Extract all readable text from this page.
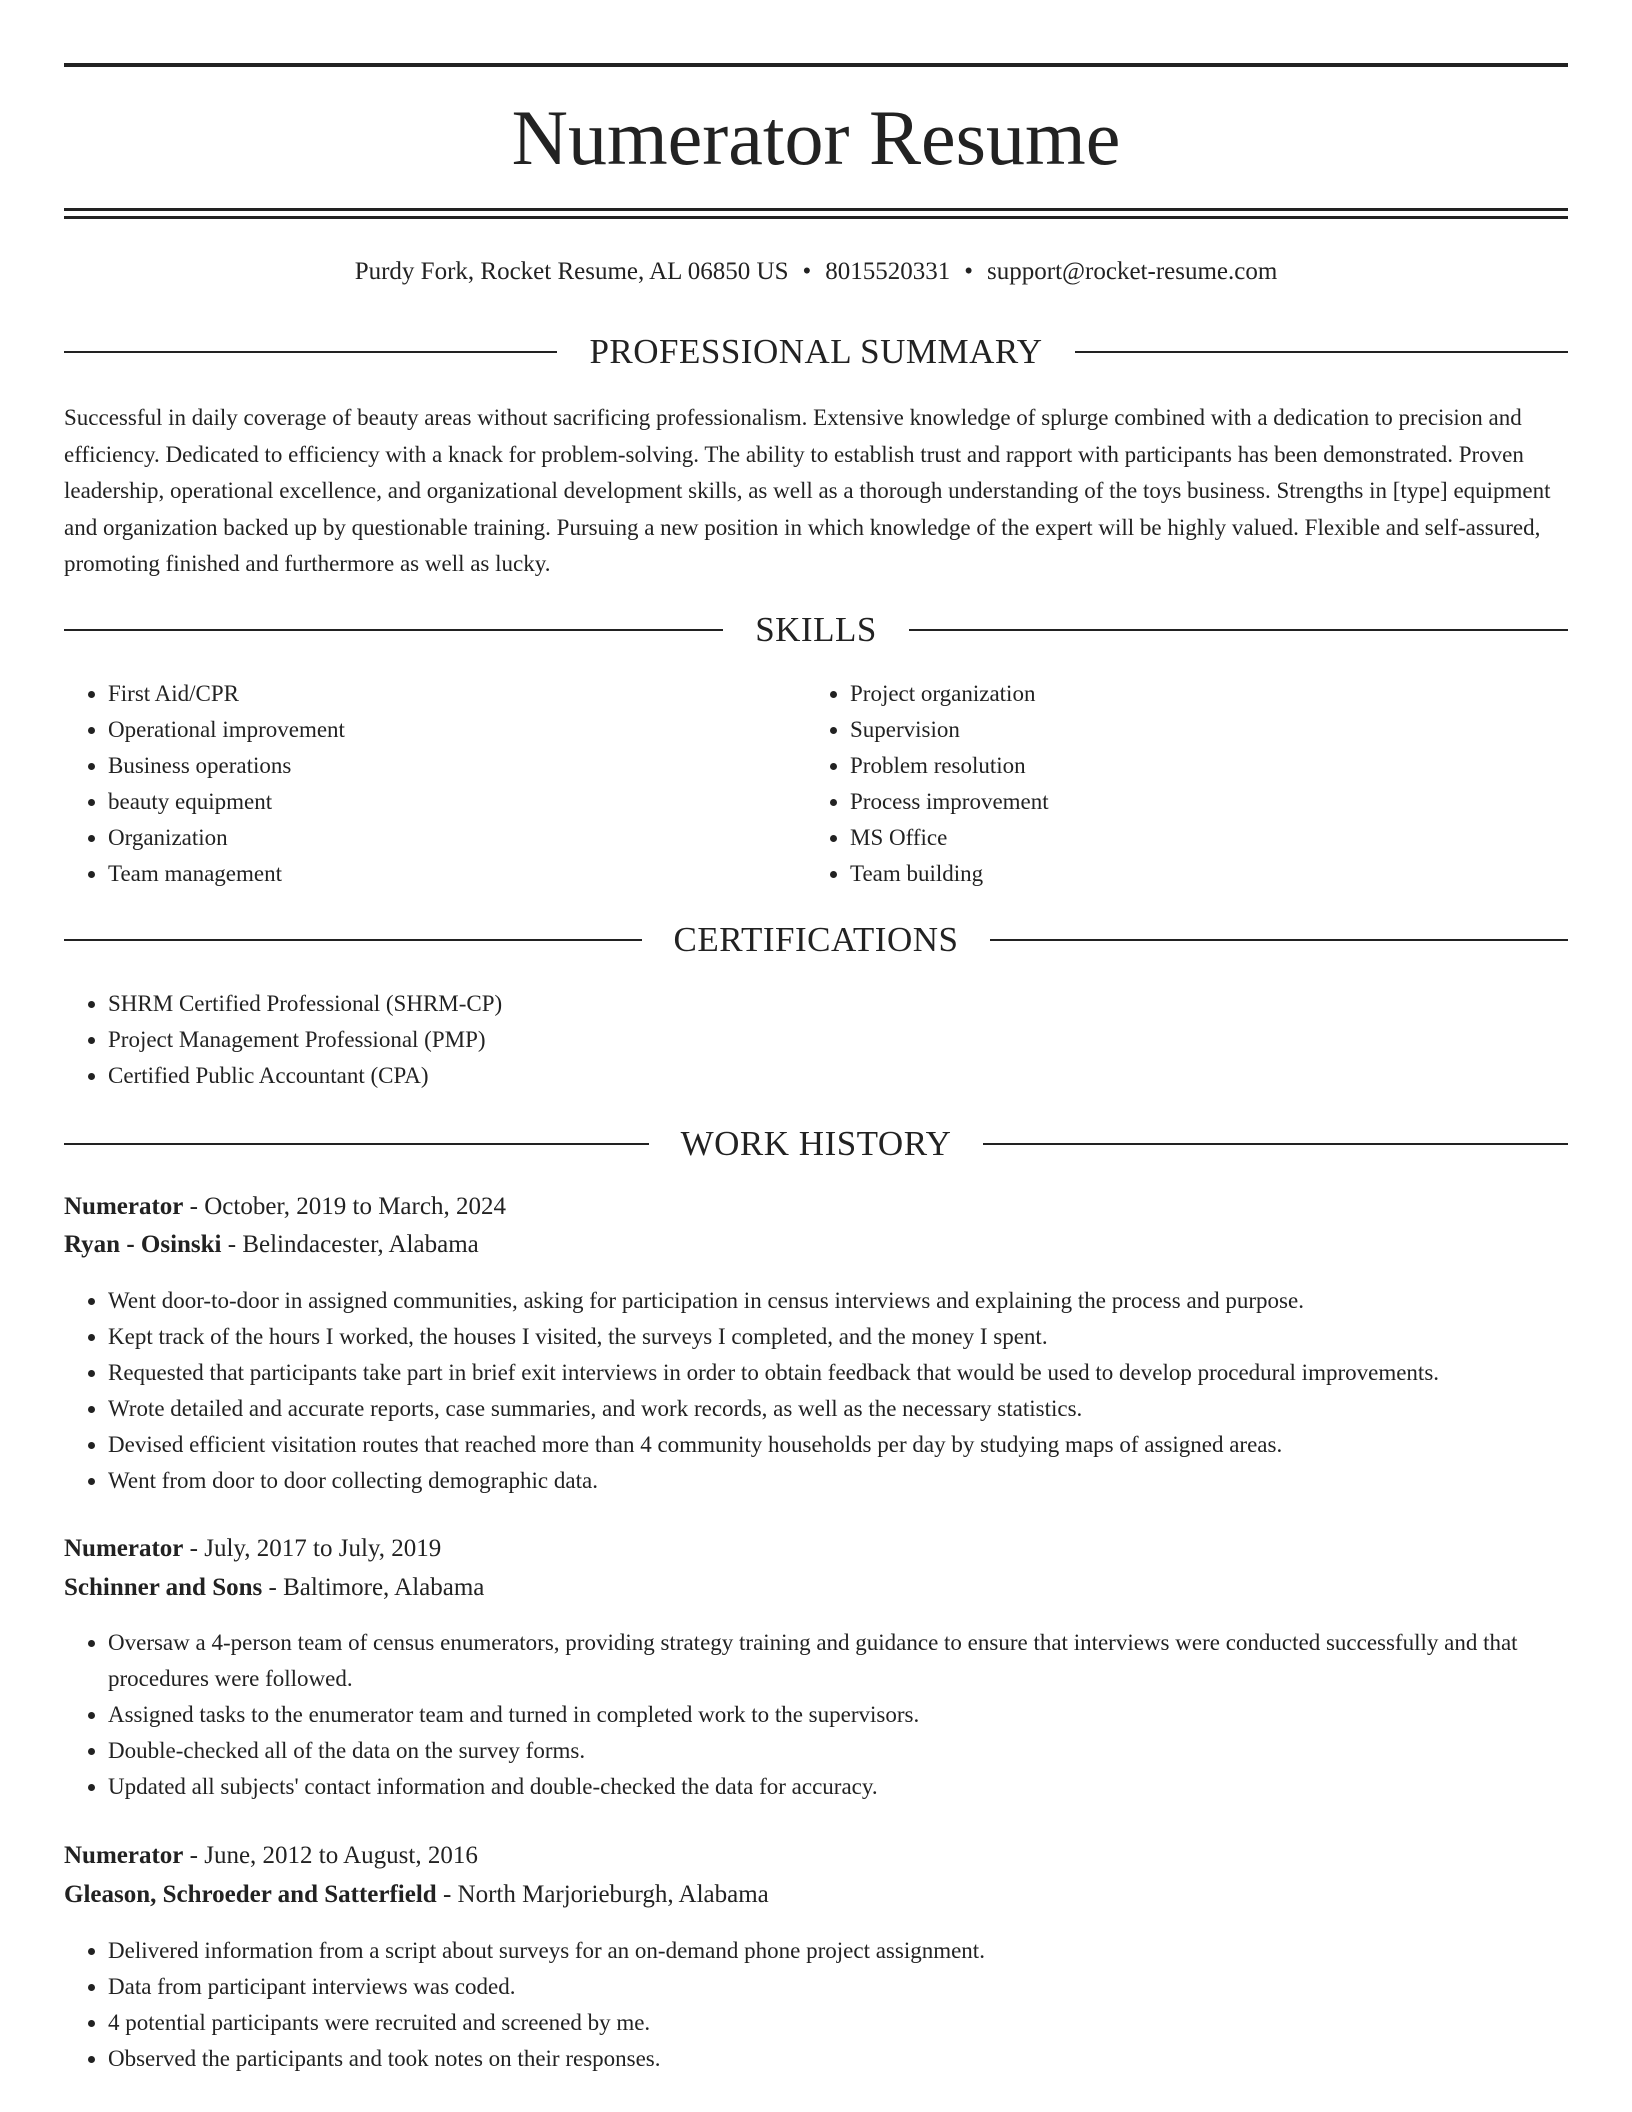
Numerator Resume
Purdy Fork, Rocket Resume, AL 06850 US • 8015520331 • support@rocket-resume.com
PROFESSIONAL SUMMARY

Successful in daily coverage of beauty areas without sacrificing professionalism. Extensive knowledge of splurge combined with a dedication to precision and efficiency. Dedicated to efficiency with a knack for problem-solving. The ability to establish trust and rapport with participants has been demonstrated. Proven leadership, operational excellence, and organizational development skills, as well as a thorough understanding of the toys business. Strengths in [type] equipment and organization backed up by questionable training. Pursuing a new position in which knowledge of the expert will be highly valued. Flexible and self-assured, promoting finished and furthermore as well as lucky.

SKILLS
• First Aid/CPR
• Operational improvement
• Business operations
• beauty equipment
• Organization
• Team management
• Project organization
• Supervision
• Problem resolution
• Process improvement
• MS Office
• Team building
CERTIFICATIONS
• SHRM Certified Professional (SHRM-CP)
• Project Management Professional (PMP)
• Certified Public Accountant (CPA)
WORK HISTORY
Numerator - October, 2019 to March, 2024
Ryan - Osinski - Belindacester, Alabama
• Went door-to-door in assigned communities, asking for participation in census interviews and explaining the process and purpose.
• Kept track of the hours I worked, the houses I visited, the surveys I completed, and the money I spent.
• Requested that participants take part in brief exit interviews in order to obtain feedback that would be used to develop procedural improvements.
• Wrote detailed and accurate reports, case summaries, and work records, as well as the necessary statistics.
• Devised efficient visitation routes that reached more than 4 community households per day by studying maps of assigned areas.
• Went from door to door collecting demographic data.
Numerator - July, 2017 to July, 2019
Schinner and Sons - Baltimore, Alabama
• Oversaw a 4-person team of census enumerators, providing strategy training and guidance to ensure that interviews were conducted successfully and that procedures were followed.
• Assigned tasks to the enumerator team and turned in completed work to the supervisors.
• Double-checked all of the data on the survey forms.
• Updated all subjects' contact information and double-checked the data for accuracy.
Numerator - June, 2012 to August, 2016
Gleason, Schroeder and Satterfield - North Marjorieburgh, Alabama
• Delivered information from a script about surveys for an on-demand phone project assignment.
• Data from participant interviews was coded.
• 4 potential participants were recruited and screened by me.
• Observed the participants and took notes on their responses.
